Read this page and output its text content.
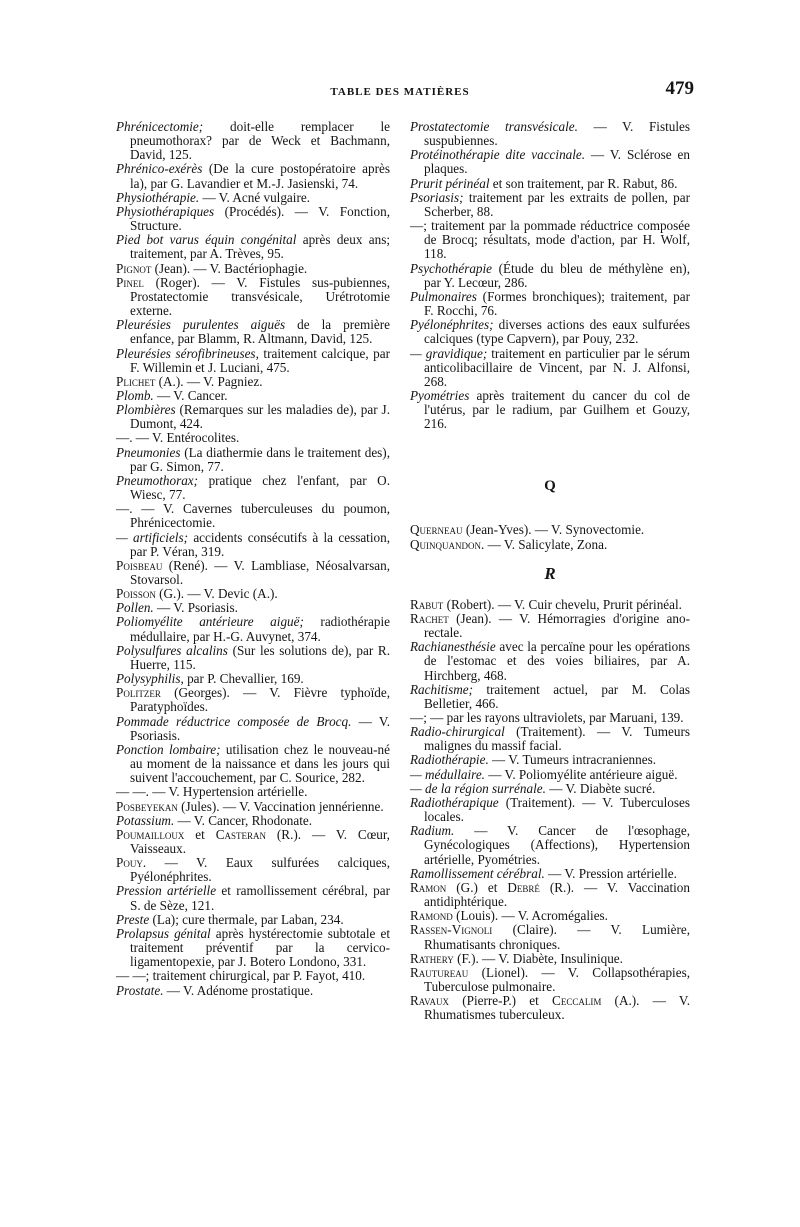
TABLE DES MATIÈRES	479

Phrénicectomie; doit-elle remplacer le pneumothorax? par de Weck et Bachmann, David, 125.

Phrénico-exérès (De la cure postopératoire après la), par G. Lavandier et M.-J. Jasienski, 74.

Physiothérapie. — V. Acné vulgaire.

Physiothérapiques (Procédés). — V. Fonction, Structure.

Pied bot varus équin congénital après deux ans; traitement, par A. Trèves, 95.

Pignot (Jean). — V. Bactériophagie.

Pinel (Roger). — V. Fistules sus-pubiennes, Prostatectomie transvésicale, Urétrotomie externe.

Pleurésies purulentes aiguës de la première enfance, par Blamm, R. Altmann, David, 125.

Pleurésies sérofibrineuses, traitement calcique, par F. Willemin et J. Luciani, 475.

Plichet (A.). — V. Pagniez.

Plomb. — V. Cancer.

Plombières (Remarques sur les maladies de), par J. Dumont, 424.

—. — V. Entérocolites.

Pneumonies (La diathermie dans le traitement des), par G. Simon, 77.

Pneumothorax; pratique chez l'enfant, par O. Wiesc, 77.

—. — V. Cavernes tuberculeuses du poumon, Phrénicectomie.

— artificiels; accidents consécutifs à la cessation, par P. Véran, 319.

Poisbeau (René). — V. Lambliase, Néosalvarsan, Stovarsol.

Poisson (G.). — V. Devic (A.).

Pollen. — V. Psoriasis.

Poliomyélite antérieure aiguë; radiothérapie médullaire, par H.-G. Auvynet, 374.

Polysulfures alcalins (Sur les solutions de), par R. Huerre, 115.

Polysyphilis, par P. Chevallier, 169.

Politzer (Georges). — V. Fièvre typhoïde, Paratyphoïdes.

Pommade réductrice composée de Brocq. — V. Psoriasis.

Ponction lombaire; utilisation chez le nouveau-né au moment de la naissance et dans les jours qui suivent l'accouchement, par C. Sourice, 282.

— —. — V. Hypertension artérielle.

Posbeyekan (Jules). — V. Vaccination jennérienne.

Potassium. — V. Cancer, Rhodonate.

Poumailloux et Casteran (R.). — V. Cœur, Vaisseaux.

Pouy. — V. Eaux sulfurées calciques, Pyélonéphrites.

Pression artérielle et ramollissement cérébral, par S. de Sèze, 121.

Preste (La); cure thermale, par Laban, 234.

Prolapsus génital après hystérectomie subtotale et traitement préventif par la cervico-ligamentopexie, par J. Botero Londono, 331.

— —; traitement chirurgical, par P. Fayot, 410.

Prostate. — V. Adénome prostatique.

Prostatectomie transvésicale. — V. Fistules suspubiennes.

Protéinothérapie dite vaccinale. — V. Sclérose en plaques.

Prurit périnéal et son traitement, par R. Rabut, 86.

Psoriasis; traitement par les extraits de pollen, par Scherber, 88.

—; traitement par la pommade réductrice composée de Brocq; résultats, mode d'action, par H. Wolf, 118.

Psychothérapie (Étude du bleu de méthylène en), par Y. Lecœur, 286.

Pulmonaires (Formes bronchiques); traitement, par F. Rocchi, 76.

Pyélonéphrites; diverses actions des eaux sulfurées calciques (type Capvern), par Pouy, 232.

— gravidique; traitement en particulier par le sérum anticolibacillaire de Vincent, par N. J. Alfonsi, 268.

Pyométries après traitement du cancer du col de l'utérus, par le radium, par Guilhem et Gouzy, 216.

Q

Querneau (Jean-Yves). — V. Synovectomie.

Quinquandon. — V. Salicylate, Zona.

R

Rabut (Robert). — V. Cuir chevelu, Prurit périnéal.

Rachet (Jean). — V. Hémorragies d'origine ano-rectale.

Rachianesthésie avec la percaïne pour les opérations de l'estomac et des voies biliaires, par A. Hirchberg, 468.

Rachitisme; traitement actuel, par M. Colas Belletier, 466.

—; — par les rayons ultraviolets, par Maruani, 139.

Radio-chirurgical (Traitement). — V. Tumeurs malignes du massif facial.

Radiothérapie. — V. Tumeurs intracraniennes.

— médullaire. — V. Poliomyélite antérieure aiguë.

— de la région surrénale. — V. Diabète sucré.

Radiothérapique (Traitement). — V. Tuberculoses locales.

Radium. — V. Cancer de l'œsophage, Gynécologiques (Affections), Hypertension artérielle, Pyométries.

Ramollissement cérébral. — V. Pression artérielle.

Ramon (G.) et Debré (R.). — V. Vaccination antidiphtérique.

Ramond (Louis). — V. Acromégalies.

Rassen-Vignoli (Claire). — V. Lumière, Rhumatisants chroniques.

Rathery (F.). — V. Diabète, Insulinique.

Rautureau (Lionel). — V. Collapsothérapies, Tuberculose pulmonaire.

Ravaux (Pierre-P.) et Ceccalim (A.). — V. Rhumatismes tuberculeux.
